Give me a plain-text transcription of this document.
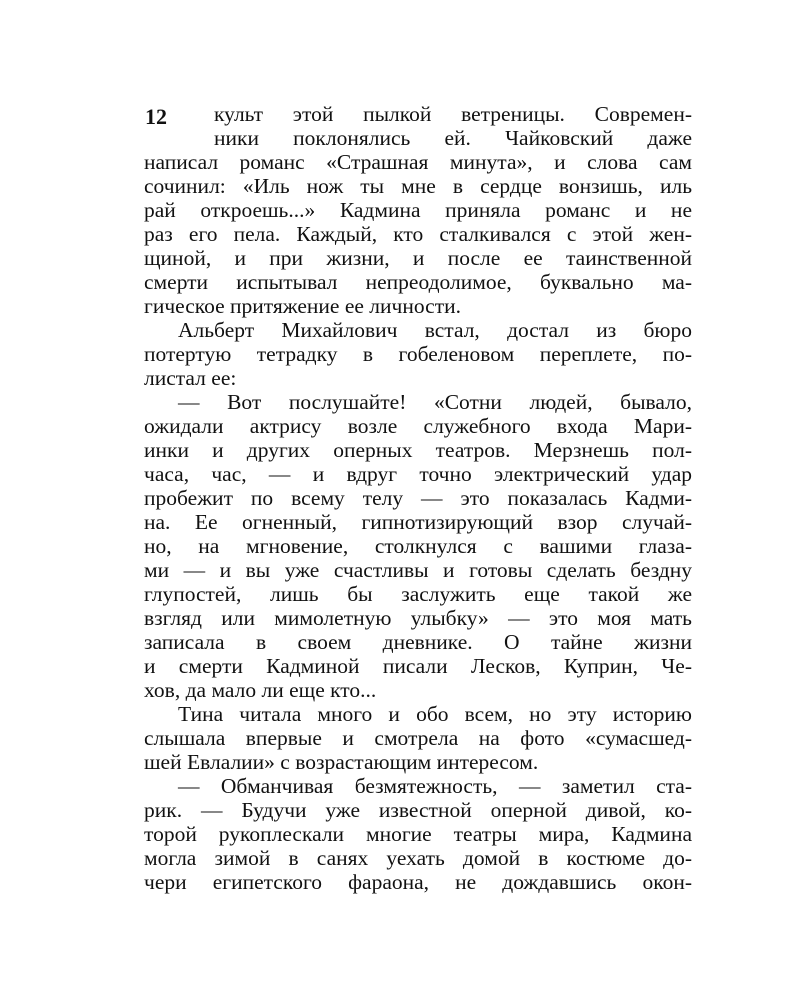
12	культ этой пылкой ветреницы. Современ-
ники поклонялись ей. Чайковский даже
написал романс «Страшная минута», и слова сам
сочинил: «Иль нож ты мне в сердце вонзишь, иль
рай откроешь...» Кадмина приняла романс и не
раз его пела. Каждый, кто сталкивался с этой жен-
щиной, и при жизни, и после ее таинственной
смерти испытывал непреодолимое, буквально ма-
гическое притяжение ее личности.
Альберт Михайлович встал, достал из бюро
потертую тетрадку в гобеленовом переплете, по-
листал ее:
— Вот послушайте! «Сотни людей, бывало,
ожидали актрису возле служебного входа Мари-
инки и других оперных театров. Мерзнешь пол-
часа, час, — и вдруг точно электрический удар
пробежит по всему телу — это показалась Кадми-
на. Ее огненный, гипнотизирующий взор случай-
но, на мгновение, столкнулся с вашими глаза-
ми — и вы уже счастливы и готовы сделать бездну
глупостей, лишь бы заслужить еще такой же
взгляд или мимолетную улыбку» — это моя мать
записала в своем дневнике. О тайне жизни
и смерти Кадминой писали Лесков, Куприн, Че-
хов, да мало ли еще кто...
Тина читала много и обо всем, но эту историю
слышала впервые и смотрела на фото «сумасшед-
шей Евлалии» с возрастающим интересом.
— Обманчивая безмятежность, — заметил ста-
рик. — Будучи уже известной оперной дивой, ко-
торой рукоплескали многие театры мира, Кадмина
могла зимой в санях уехать домой в костюме до-
чери египетского фараона, не дождавшись окон-
